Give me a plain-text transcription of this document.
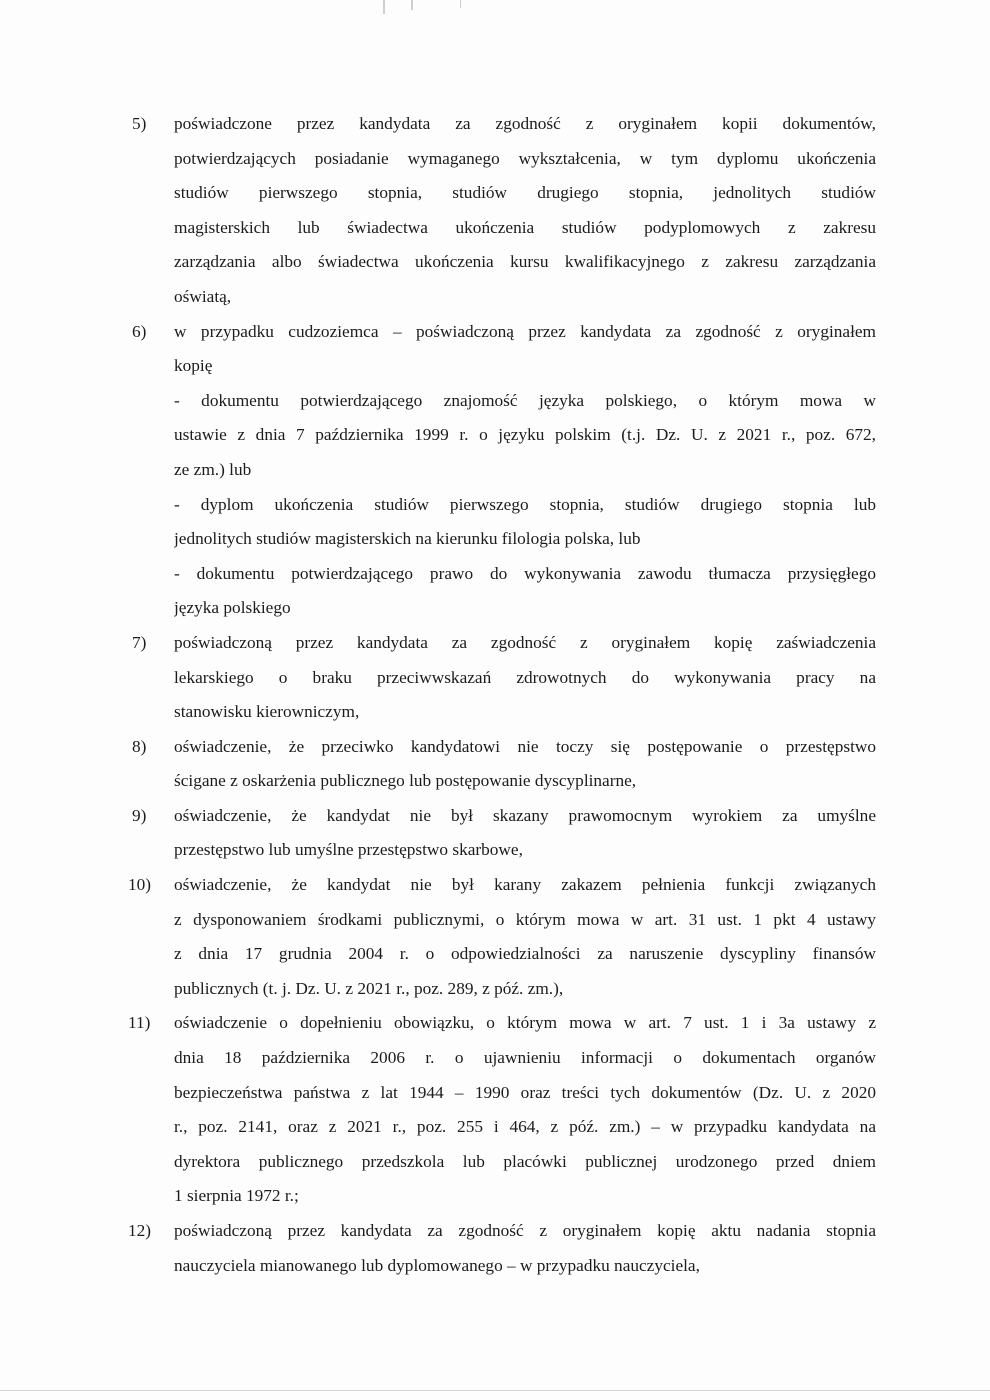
5)	poświadczone przez kandydata za zgodność z oryginałem kopii dokumentów,
potwierdzających posiadanie wymaganego wykształcenia, w tym dyplomu ukończenia
studiów pierwszego stopnia, studiów drugiego stopnia, jednolitych studiów
magisterskich lub świadectwa ukończenia studiów podyplomowych z zakresu
zarządzania albo świadectwa ukończenia kursu kwalifikacyjnego z zakresu zarządzania
oświatą,
6)	w przypadku cudzoziemca – poświadczoną przez kandydata za zgodność z oryginałem
kopię
- dokumentu potwierdzającego znajomość języka polskiego, o którym mowa w
ustawie z dnia 7 października 1999 r. o języku polskim (t.j. Dz. U. z 2021 r., poz. 672,
ze zm.) lub
- dyplom ukończenia studiów pierwszego stopnia, studiów drugiego stopnia lub
jednolitych studiów magisterskich na kierunku filologia polska, lub
- dokumentu potwierdzającego prawo do wykonywania zawodu tłumacza przysięgłego
języka polskiego
7)	poświadczoną przez kandydata za zgodność z oryginałem kopię zaświadczenia
lekarskiego o braku przeciwwskazań zdrowotnych do wykonywania pracy na
stanowisku kierowniczym,
8)	oświadczenie, że przeciwko kandydatowi nie toczy się postępowanie o przestępstwo
ścigane z oskarżenia publicznego lub postępowanie dyscyplinarne,
9)	oświadczenie, że kandydat nie był skazany prawomocnym wyrokiem za umyślne
przestępstwo lub umyślne przestępstwo skarbowe,
10)	oświadczenie, że kandydat nie był karany zakazem pełnienia funkcji związanych
z dysponowaniem środkami publicznymi, o którym mowa w art. 31 ust. 1 pkt 4 ustawy
z dnia 17 grudnia 2004 r. o odpowiedzialności za naruszenie dyscypliny finansów
publicznych (t. j. Dz. U. z 2021 r., poz. 289, z póź. zm.),
11)	oświadczenie o dopełnieniu obowiązku, o którym mowa w art. 7 ust. 1 i 3a ustawy z
dnia 18 października 2006 r. o ujawnieniu informacji o dokumentach organów
bezpieczeństwa państwa z lat 1944 – 1990 oraz treści tych dokumentów (Dz. U. z 2020
r., poz. 2141, oraz z 2021 r., poz. 255 i 464, z póź. zm.) – w przypadku kandydata na
dyrektora publicznego przedszkola lub placówki publicznej urodzonego przed dniem
1 sierpnia 1972 r.;
12)	poświadczoną przez kandydata za zgodność z oryginałem kopię aktu nadania stopnia
nauczyciela mianowanego lub dyplomowanego – w przypadku nauczyciela,
